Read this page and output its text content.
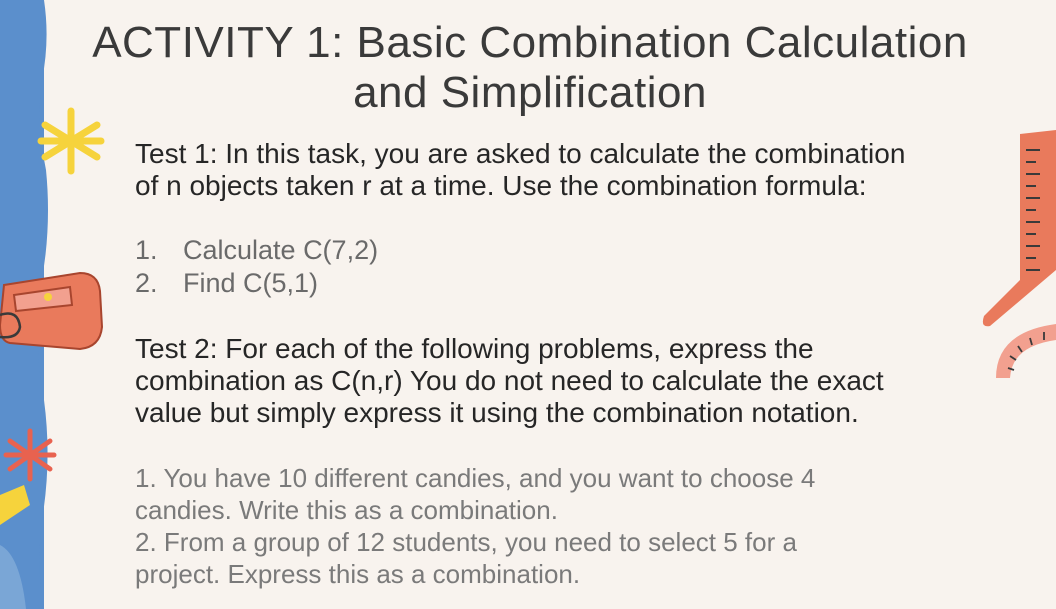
ACTIVITY 1: Basic Combination Calculation
and Simplification
Test 1: In this task, you are asked to calculate the combination
of n objects taken r at a time. Use the combination formula:
1. Calculate C(7,2)
2. Find C(5,1)
Test 2: For each of the following problems, express the
combination as C(n,r) You do not need to calculate the exact
value but simply express it using the combination notation.
1. You have 10 different candies, and you want to choose 4
candies. Write this as a combination.
2. From a group of 12 students, you need to select 5 for a
project. Express this as a combination.
